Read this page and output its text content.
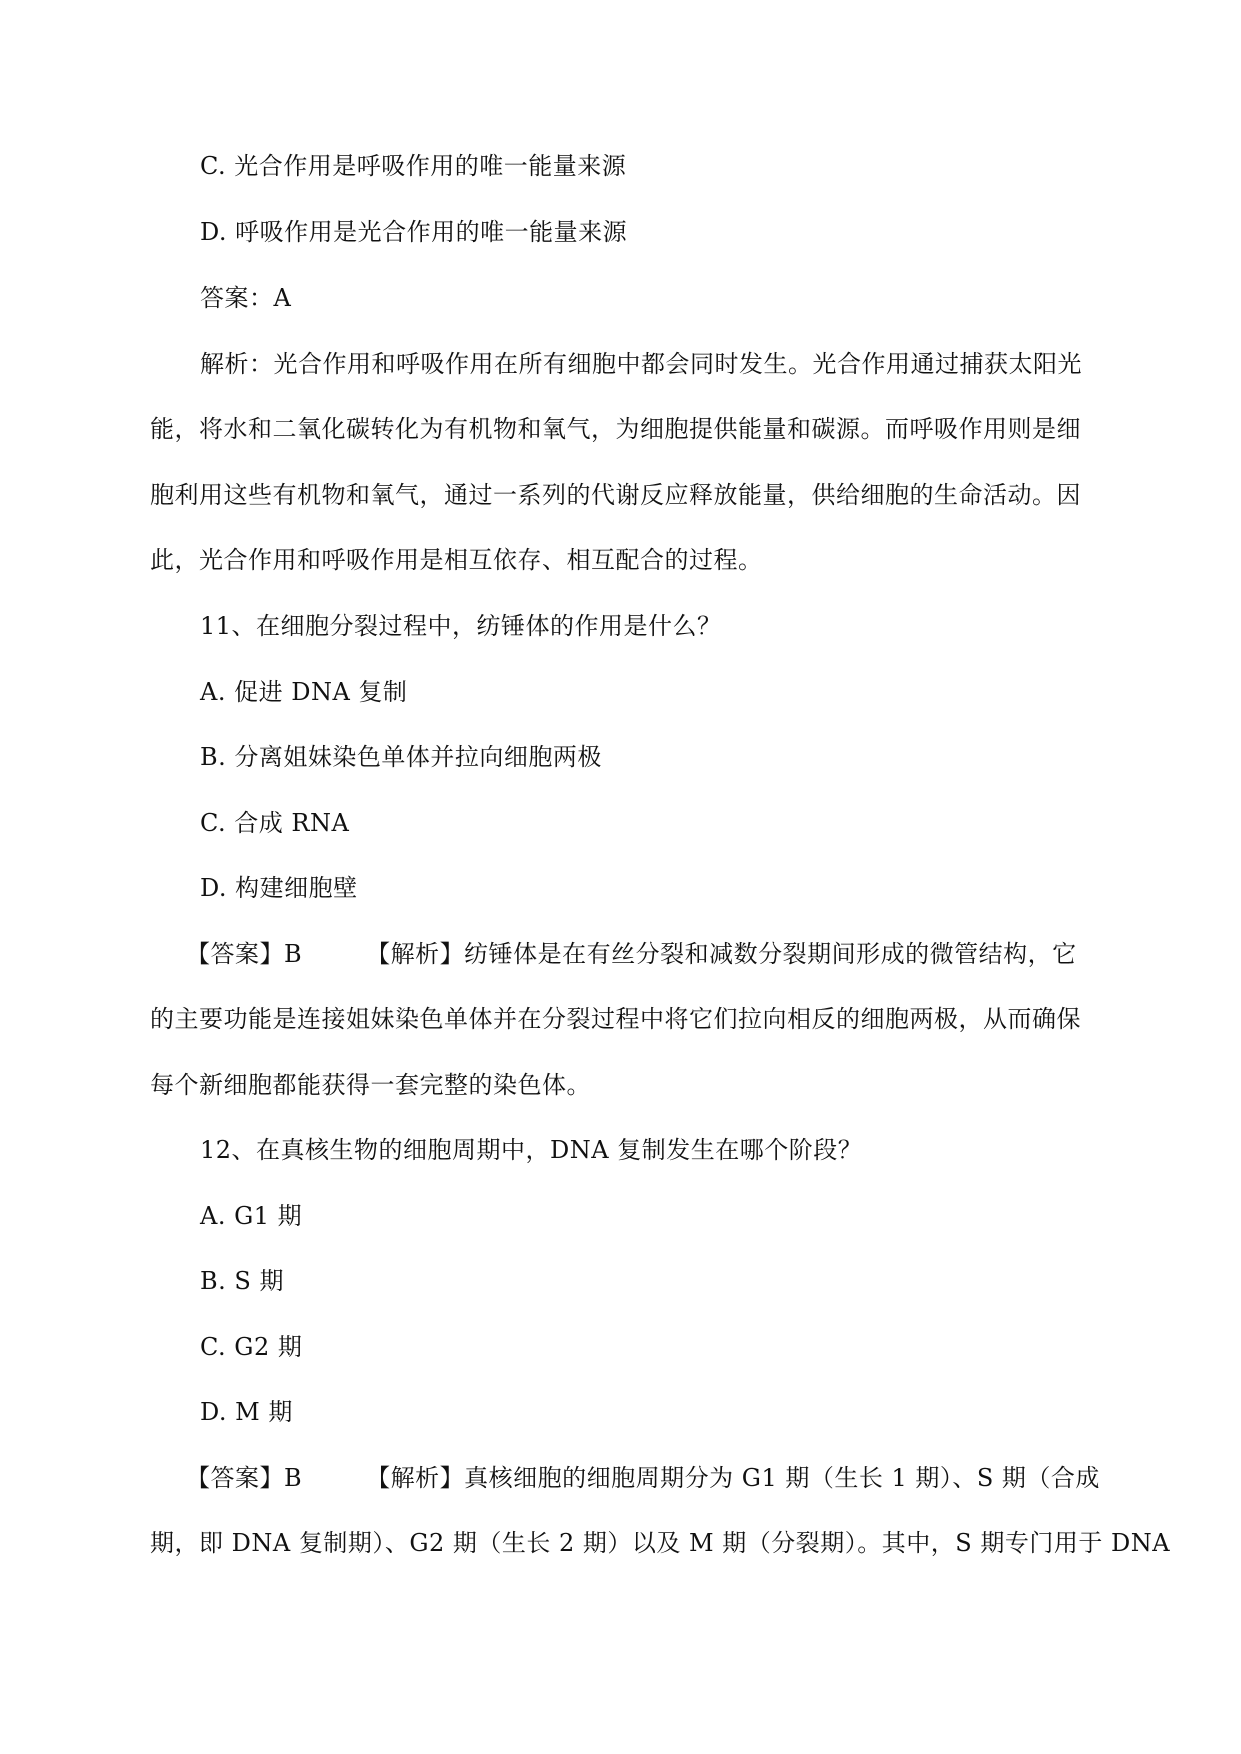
C. 光合作用是呼吸作用的唯一能量来源
D. 呼吸作用是光合作用的唯一能量来源
答案：A
解析：光合作用和呼吸作用在所有细胞中都会同时发生。光合作用通过捕获太阳光
能，将水和二氧化碳转化为有机物和氧气，为细胞提供能量和碳源。而呼吸作用则是细
胞利用这些有机物和氧气，通过一系列的代谢反应释放能量，供给细胞的生命活动。因
此，光合作用和呼吸作用是相互依存、相互配合的过程。
11、在细胞分裂过程中，纺锤体的作用是什么？
A. 促进 DNA 复制
B. 分离姐妹染色单体并拉向细胞两极
C. 合成 RNA
D. 构建细胞壁
【答案】B	【解析】纺锤体是在有丝分裂和减数分裂期间形成的微管结构，它
的主要功能是连接姐妹染色单体并在分裂过程中将它们拉向相反的细胞两极，从而确保
每个新细胞都能获得一套完整的染色体。
12、在真核生物的细胞周期中，DNA 复制发生在哪个阶段？
A. G1 期
B. S 期
C. G2 期
D. M 期
【答案】B	【解析】真核细胞的细胞周期分为 G1 期（生长 1 期）、S 期（合成
期，即 DNA 复制期）、G2 期（生长 2 期）以及 M 期（分裂期）。其中，S 期专门用于 DNA
